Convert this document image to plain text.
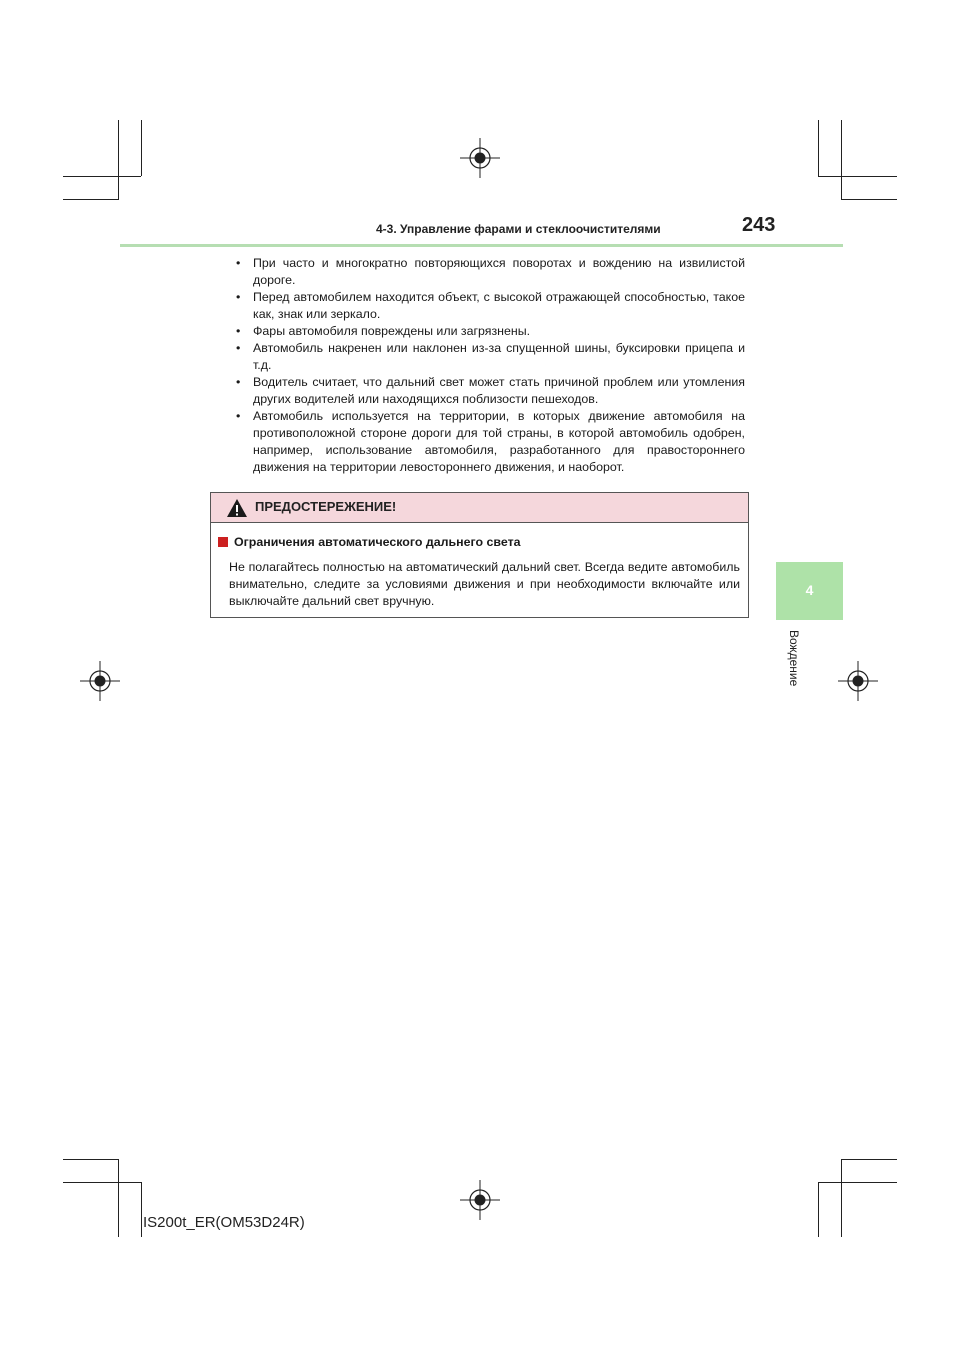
4-3. Управление фарами и стеклоочистителями	243
• При часто и многократно повторяющихся поворотах и вождению на извилистой дороге.
• Перед автомобилем находится объект, с высокой отражающей способностью, такое как, знак или зеркало.
• Фары автомобиля повреждены или загрязнены.
• Автомобиль накренен или наклонен из-за спущенной шины, буксировки прицепа и т.д.
• Водитель считает, что дальний свет может стать причиной проблем или утомления других водителей или находящихся поблизости пешеходов.
• Автомобиль используется на территории, в которых движение автомобиля на противоположной стороне дороги для той страны, в которой автомобиль одобрен, например, использование автомобиля, разработанного для правостороннего движения на территории левостороннего движения, и наоборот.
ПРЕДОСТЕРЕЖЕНИЕ!
Ограничения автоматического дальнего света
Не полагайтесь полностью на автоматический дальний свет. Всегда ведите автомобиль внимательно, следите за условиями движения и при необходимости включайте или выключайте дальний свет вручную.
4
Вождение
IS200t_ER(OM53D24R)
